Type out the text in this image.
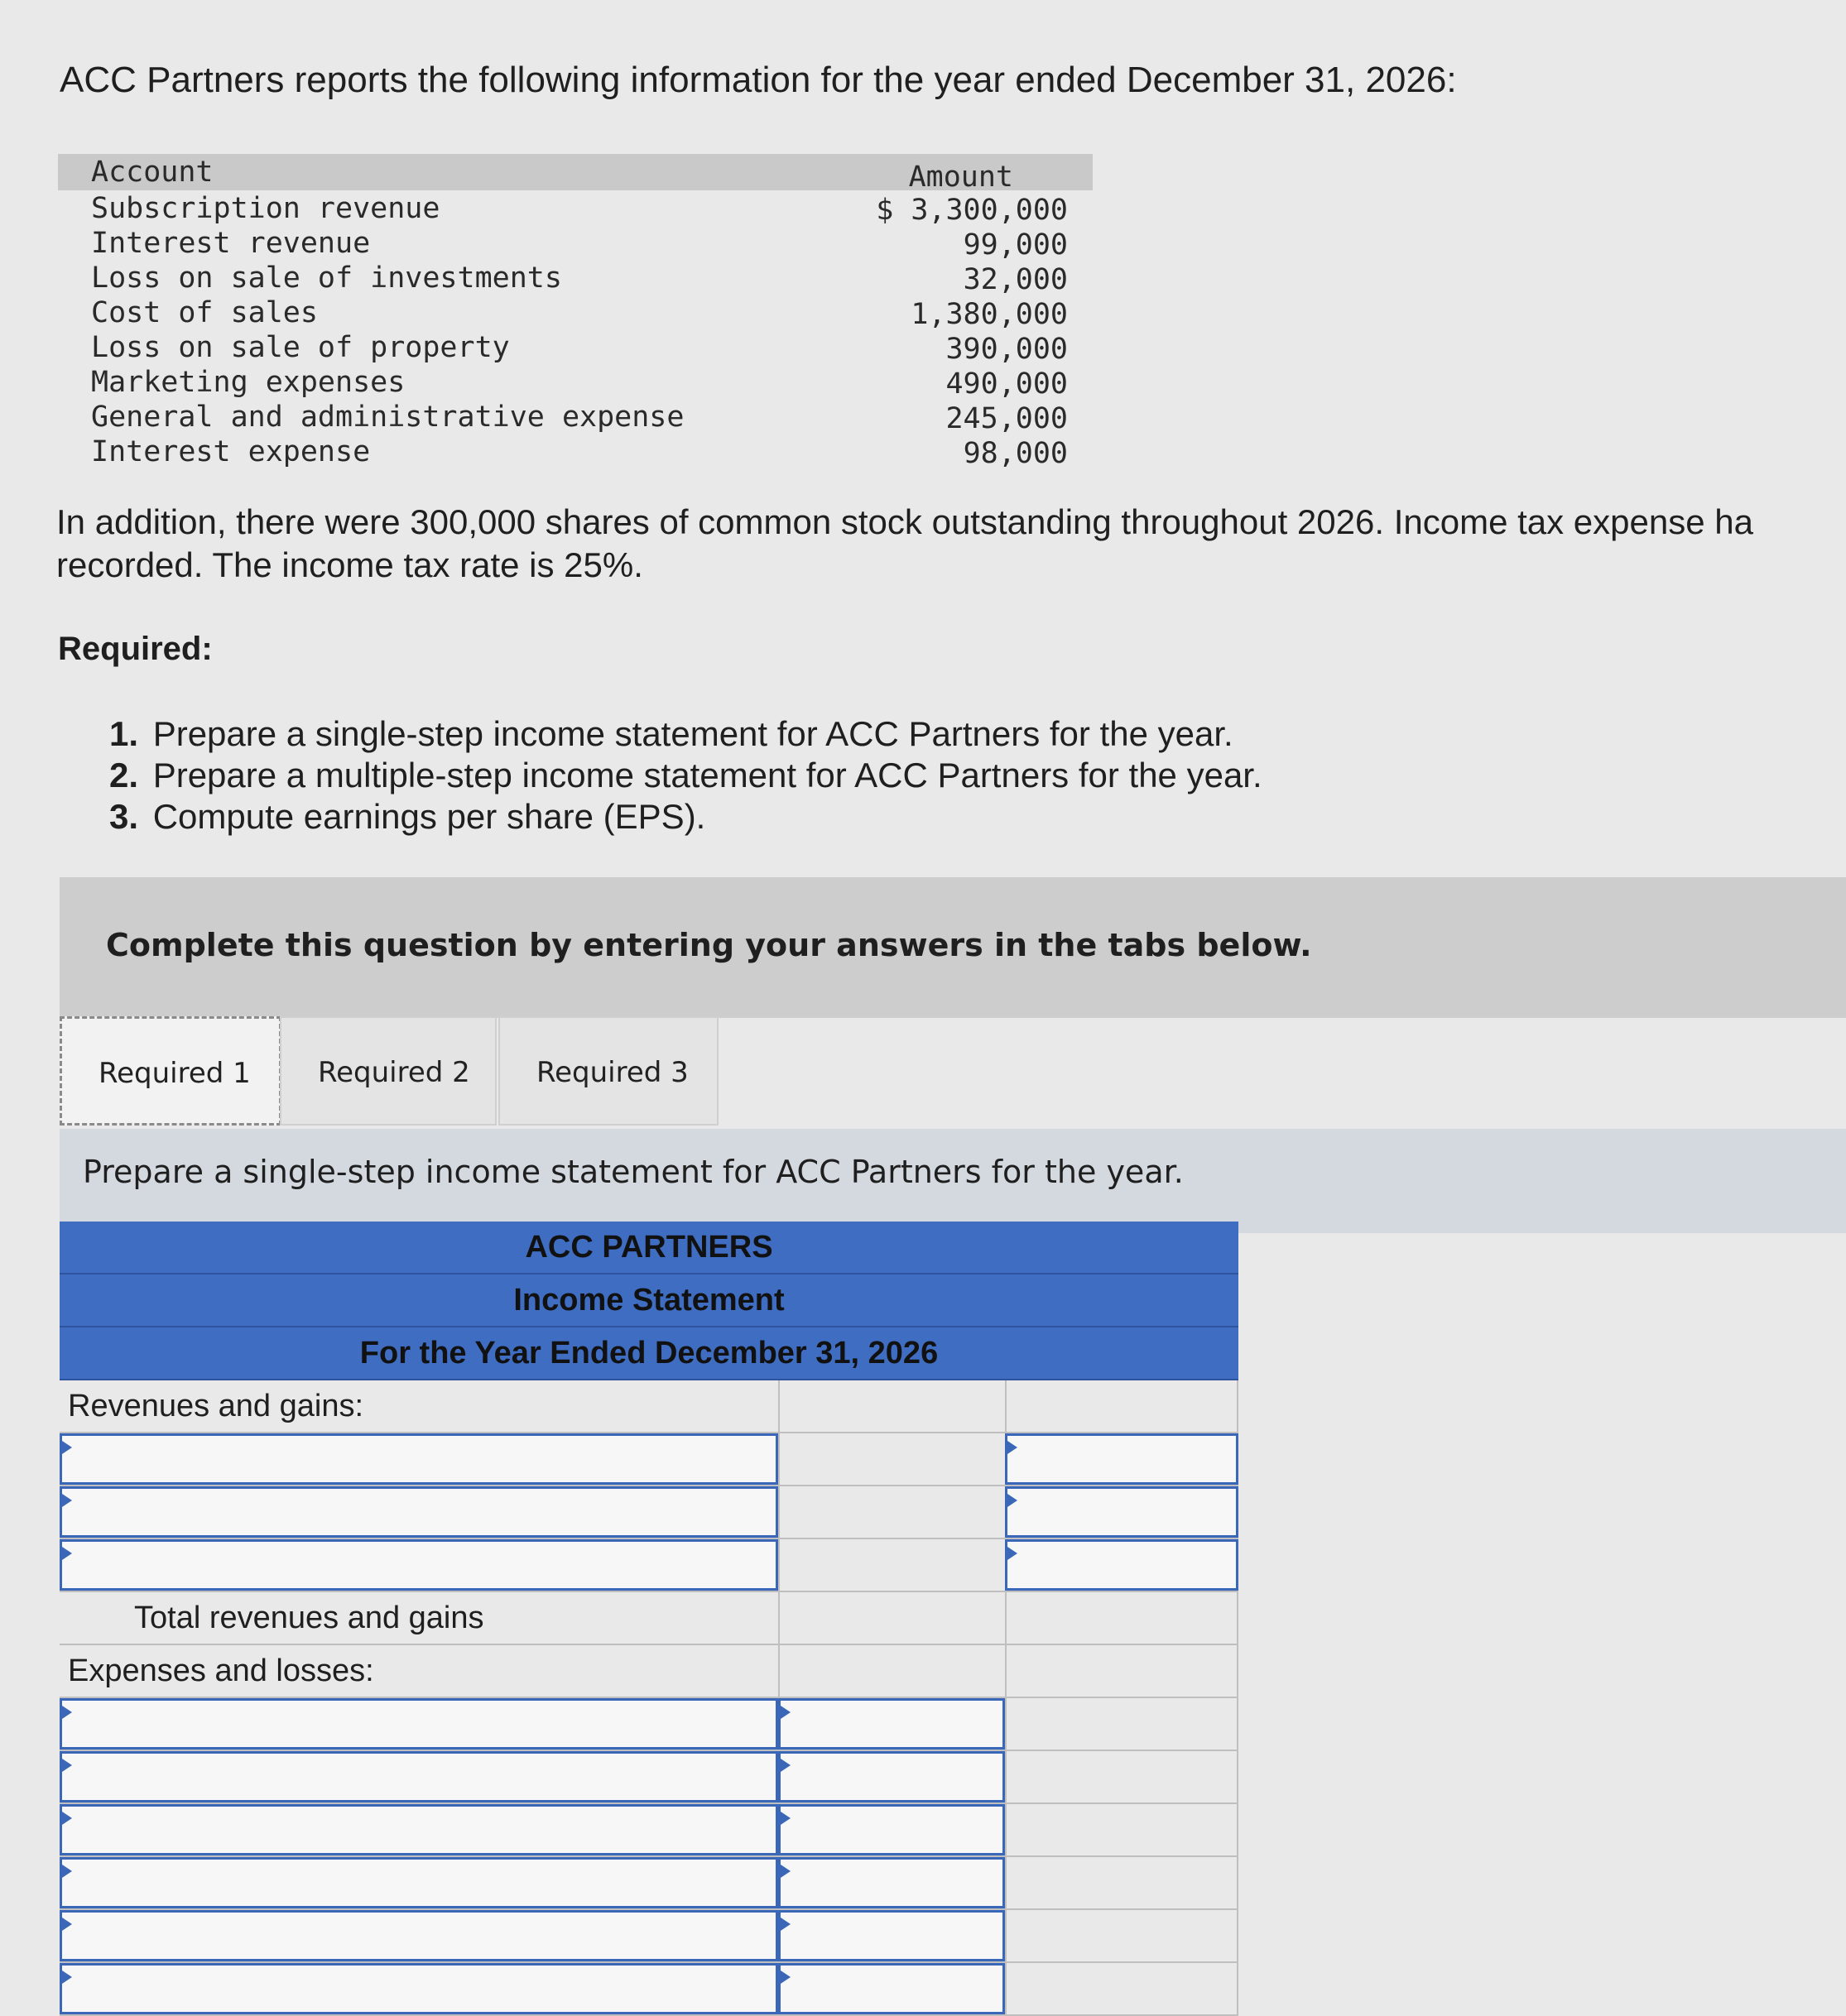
ACC Partners reports the following information for the year ended December 31, 2026:

Account	Amount
Subscription revenue	$ 3,300,000
Interest revenue	99,000
Loss on sale of investments	32,000
Cost of sales	1,380,000
Loss on sale of property	390,000
Marketing expenses	490,000
General and administrative expense	245,000
Interest expense	98,000
In addition, there were 300,000 shares of common stock outstanding throughout 2026. Income tax expense ha
recorded. The income tax rate is 25%.

Required:

1. Prepare a single-step income statement for ACC Partners for the year.
2. Prepare a multiple-step income statement for ACC Partners for the year.
3. Compute earnings per share (EPS).
Complete this question by entering your answers in the tabs below.
Required 1 Required 2 Required 3
Prepare a single-step income statement for ACC Partners for the year.
ACC PARTNERS
Income Statement
For the Year Ended December 31, 2026
Revenues and gains:
Total revenues and gains
Expenses and losses:
